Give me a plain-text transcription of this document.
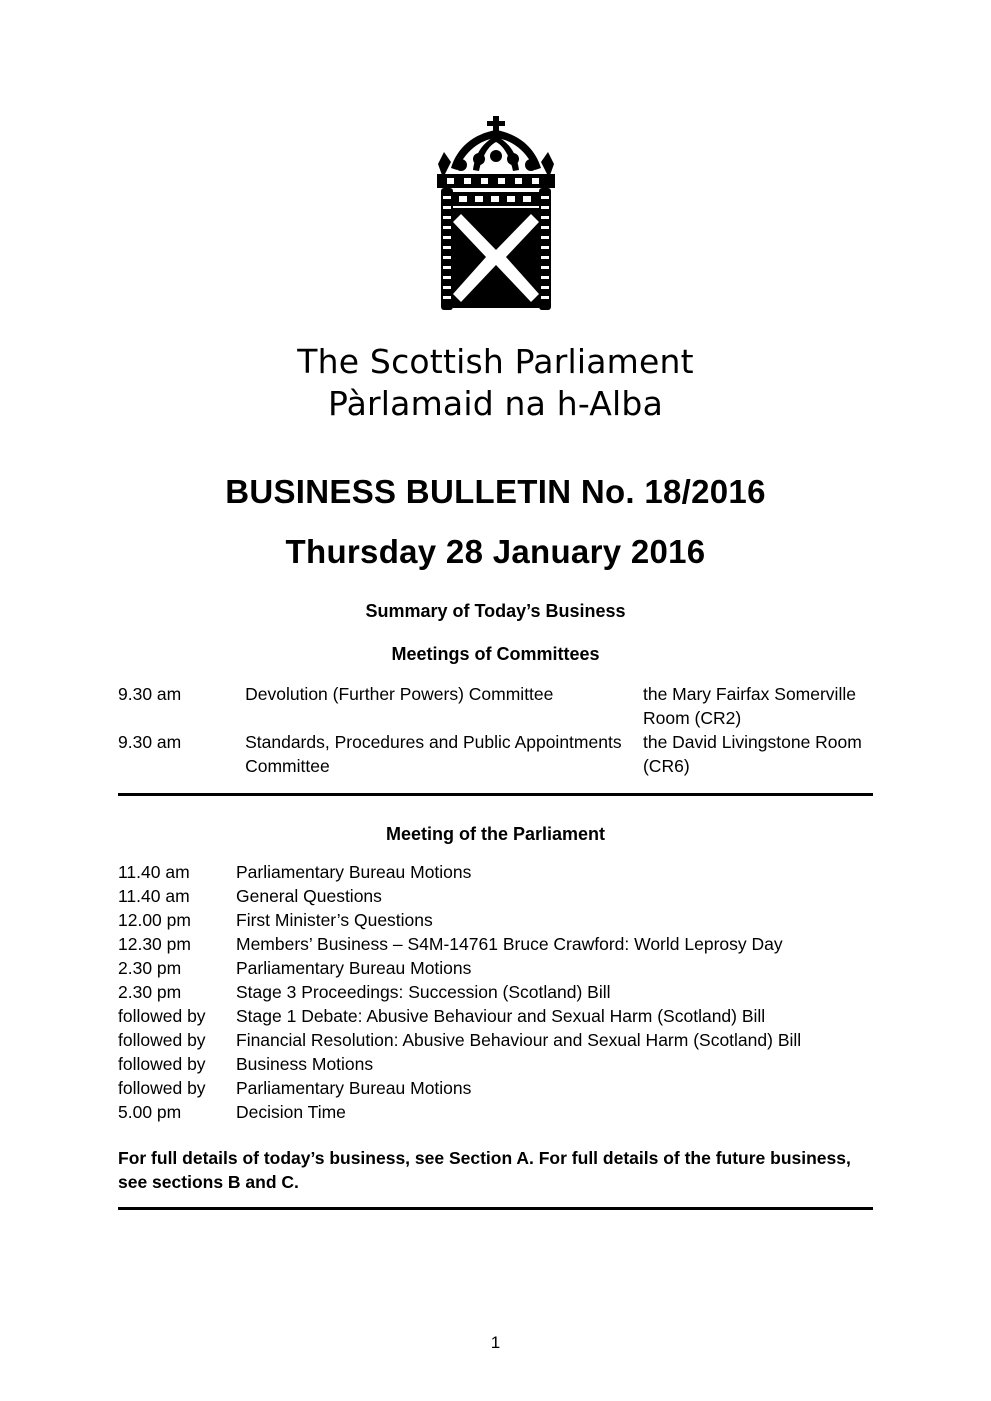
The Scottish Parliament
Pàrlamaid na h-Alba
BUSINESS BULLETIN No. 18/2016
Thursday 28 January 2016
Summary of Today’s Business
Meetings of Committees
9.30 am	Devolution (Further Powers) Committee	the Mary Fairfax Somerville Room (CR2)
9.30 am	Standards, Procedures and Public Appointments Committee	the David Livingstone Room (CR6)
Meeting of the Parliament
11.40 am	Parliamentary Bureau Motions
11.40 am	General Questions
12.00 pm	First Minister’s Questions
12.30 pm	Members’ Business – S4M-14761 Bruce Crawford: World Leprosy Day
2.30 pm	Parliamentary Bureau Motions
2.30 pm	Stage 3 Proceedings: Succession (Scotland) Bill
followed by	Stage 1 Debate: Abusive Behaviour and Sexual Harm (Scotland) Bill
followed by	Financial Resolution: Abusive Behaviour and Sexual Harm (Scotland) Bill
followed by	Business Motions
followed by	Parliamentary Bureau Motions
5.00 pm	Decision Time
For full details of today’s business, see Section A. For full details of the future business, see sections B and C.
1
